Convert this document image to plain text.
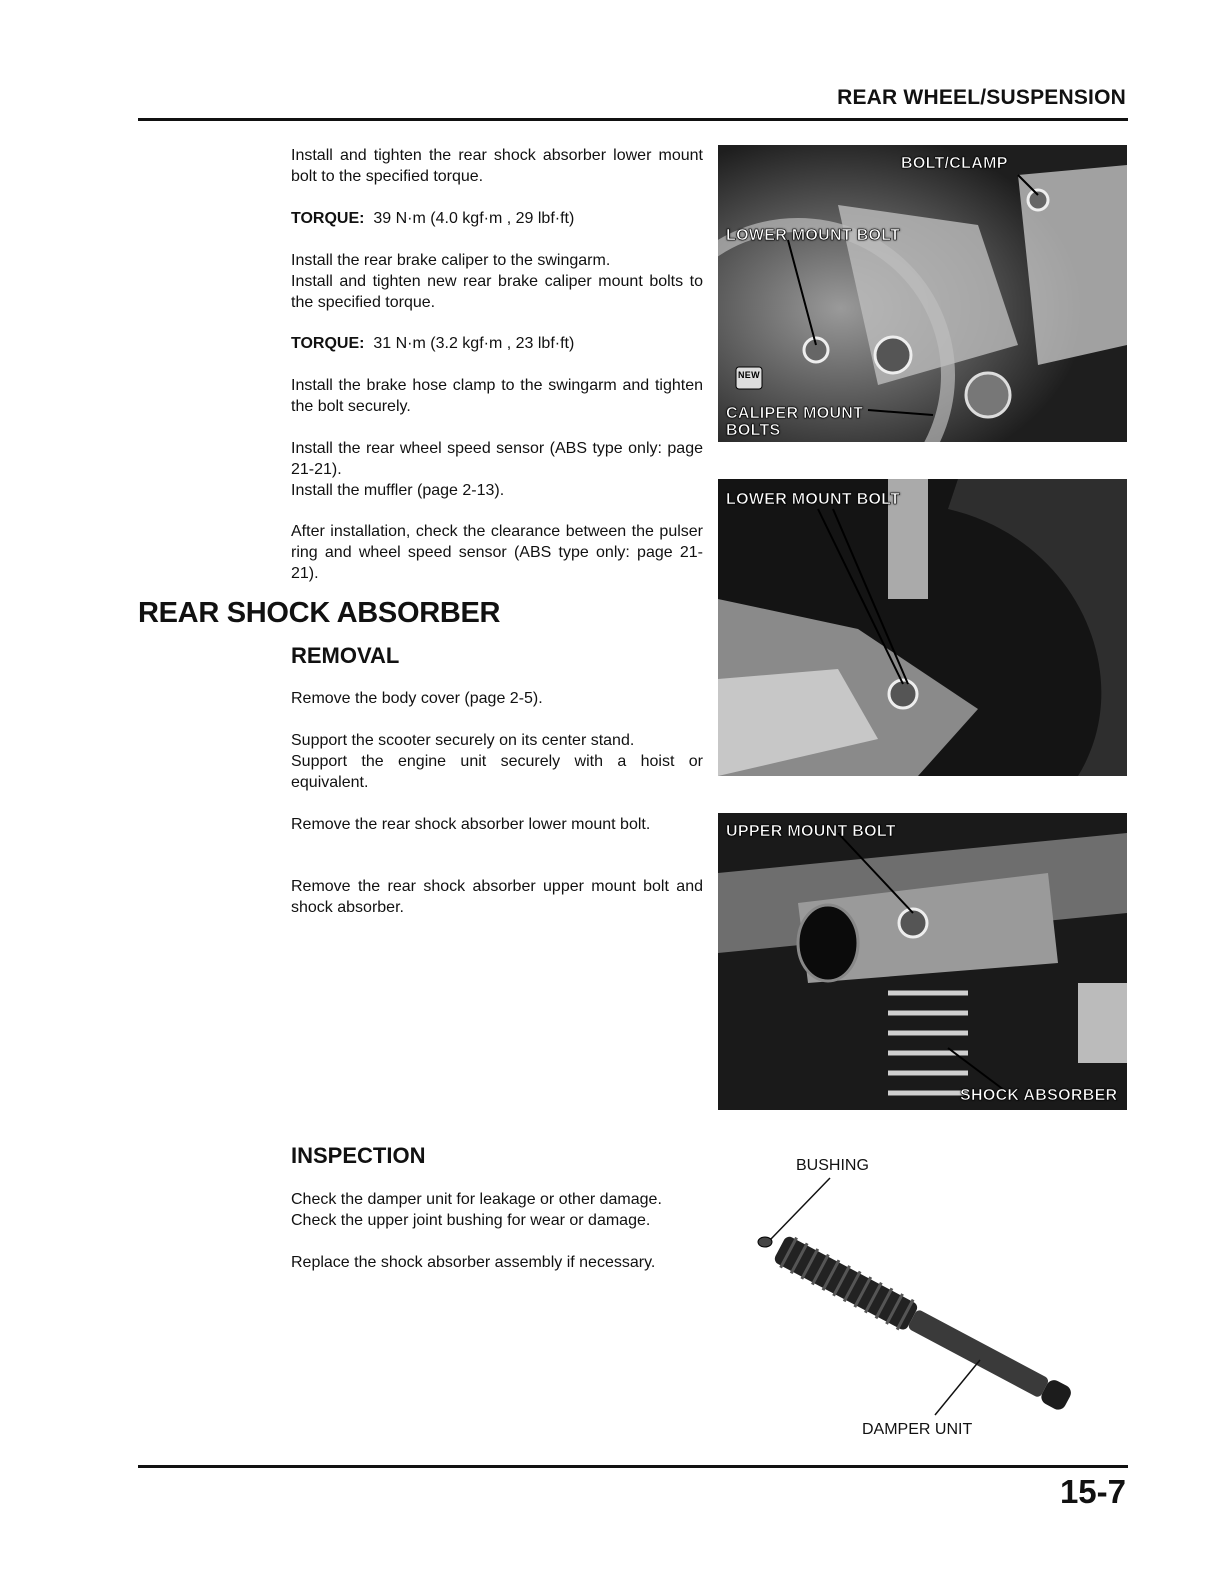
REAR WHEEL/SUSPENSION
Install and tighten the rear shock absorber lower mount bolt to the specified torque.
TORQUE: 39 N·m (4.0 kgf·m , 29 lbf·ft)
Install the rear brake caliper to the swingarm.
Install and tighten new rear brake caliper mount bolts to the specified torque.
TORQUE: 31 N·m (3.2 kgf·m , 23 lbf·ft)
Install the brake hose clamp to the swingarm and tighten the bolt securely.
Install the rear wheel speed sensor (ABS type only: page 21-21).
Install the muffler (page 2-13).
After installation, check the clearance between the pulser ring and wheel speed sensor (ABS type only: page 21-21).
REAR SHOCK ABSORBER
REMOVAL
Remove the body cover (page 2-5).
Support the scooter securely on its center stand.
Support the engine unit securely with a hoist or equivalent.
Remove the rear shock absorber lower mount bolt.
Remove the rear shock absorber upper mount bolt and shock absorber.
INSPECTION
Check the damper unit for leakage or other damage.
Check the upper joint bushing for wear or damage.
Replace the shock absorber assembly if necessary.
BOLT/CLAMP
LOWER MOUNT BOLT
NEW
CALIPER MOUNT
BOLTS
LOWER MOUNT BOLT
UPPER MOUNT BOLT
SHOCK ABSORBER
BUSHING
DAMPER UNIT
15-7
